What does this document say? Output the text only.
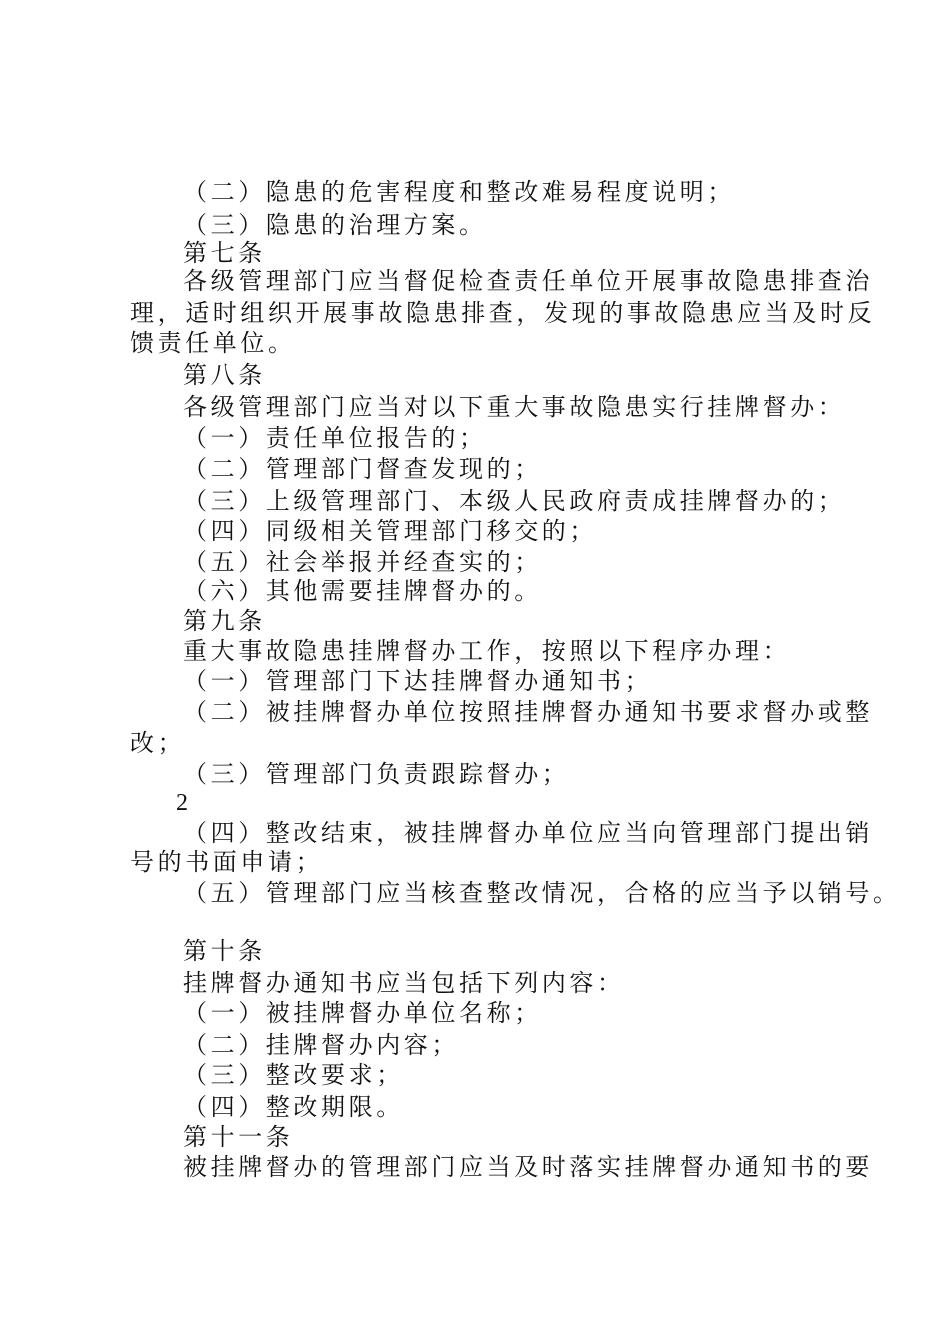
（二）隐患的危害程度和整改难易程度说明；
（三）隐患的治理方案。
第七条
各级管理部门应当督促检查责任单位开展事故隐患排查治
理，适时组织开展事故隐患排查，发现的事故隐患应当及时反
馈责任单位。
第八条
各级管理部门应当对以下重大事故隐患实行挂牌督办：
（一）责任单位报告的；
（二）管理部门督查发现的；
（三）上级管理部门、本级人民政府责成挂牌督办的；
（四）同级相关管理部门移交的；
（五）社会举报并经查实的；
（六）其他需要挂牌督办的。
第九条
重大事故隐患挂牌督办工作，按照以下程序办理：
（一）管理部门下达挂牌督办通知书；
（二）被挂牌督办单位按照挂牌督办通知书要求督办或整
改；
（三）管理部门负责跟踪督办；
2
（四）整改结束，被挂牌督办单位应当向管理部门提出销
号的书面申请；
（五）管理部门应当核查整改情况，合格的应当予以销号。
第十条
挂牌督办通知书应当包括下列内容：
（一）被挂牌督办单位名称；
（二）挂牌督办内容；
（三）整改要求；
（四）整改期限。
第十一条
被挂牌督办的管理部门应当及时落实挂牌督办通知书的要
